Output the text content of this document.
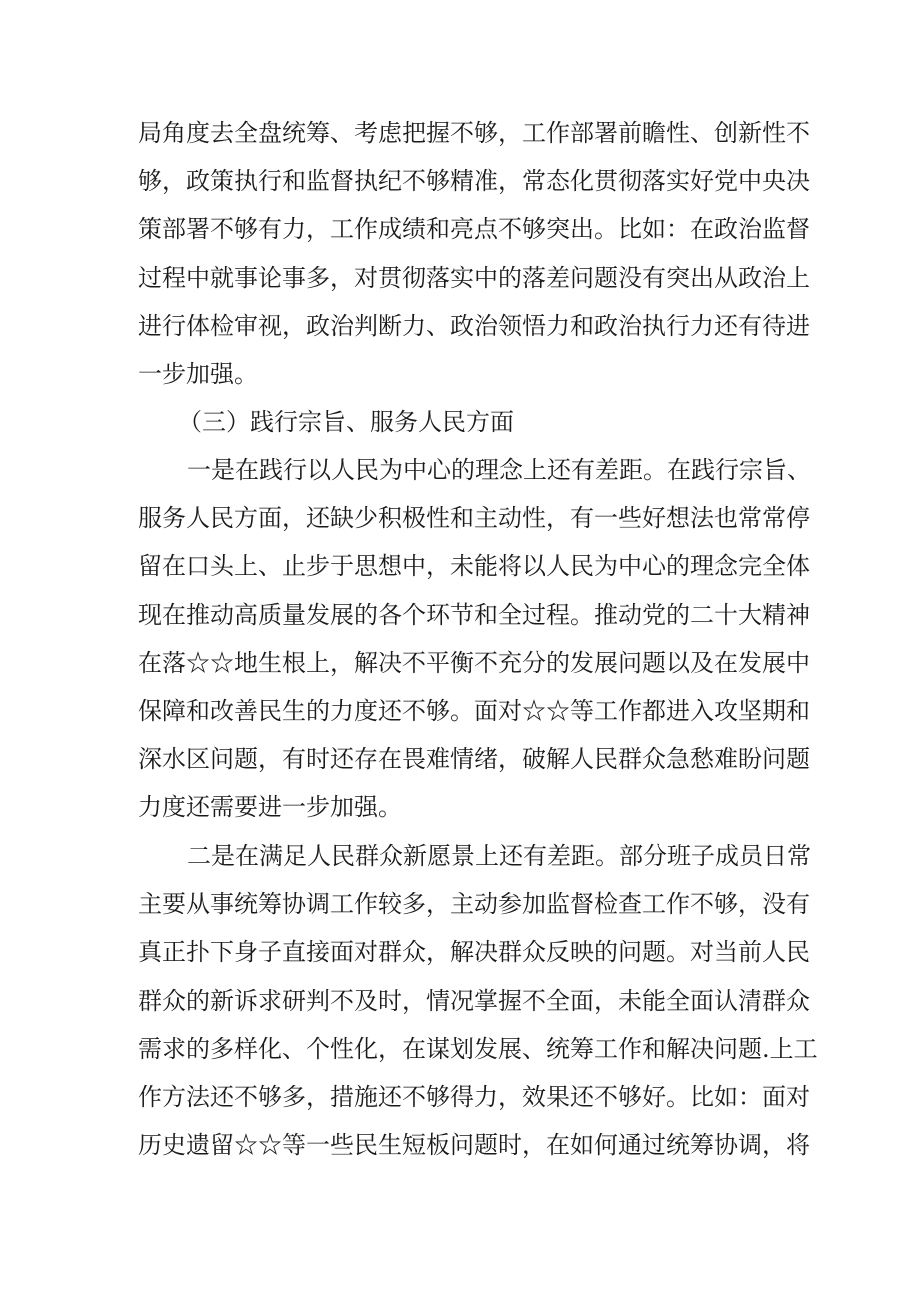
局角度去全盘统筹、考虑把握不够，工作部署前瞻性、创新性不
够，政策执行和监督执纪不够精准，常态化贯彻落实好党中央决
策部署不够有力，工作成绩和亮点不够突出。比如：在政治监督
过程中就事论事多，对贯彻落实中的落差问题没有突出从政治上
进行体检审视，政治判断力、政治领悟力和政治执行力还有待进
一步加强。
（三）践行宗旨、服务人民方面
一是在践行以人民为中心的理念上还有差距。在践行宗旨、
服务人民方面，还缺少积极性和主动性，有一些好想法也常常停
留在口头上、止步于思想中，未能将以人民为中心的理念完全体
现在推动高质量发展的各个环节和全过程。推动党的二十大精神
在落☆☆地生根上，解决不平衡不充分的发展问题以及在发展中
保障和改善民生的力度还不够。面对☆☆等工作都进入攻坚期和
深水区问题，有时还存在畏难情绪，破解人民群众急愁难盼问题
力度还需要进一步加强。
二是在满足人民群众新愿景上还有差距。部分班子成员日常
主要从事统筹协调工作较多，主动参加监督检查工作不够，没有
真正扑下身子直接面对群众，解决群众反映的问题。对当前人民
群众的新诉求研判不及时，情况掌握不全面，未能全面认清群众
需求的多样化、个性化，在谋划发展、统筹工作和解决问题.上工
作方法还不够多，措施还不够得力，效果还不够好。比如：面对
历史遗留☆☆等一些民生短板问题时，在如何通过统筹协调，将
